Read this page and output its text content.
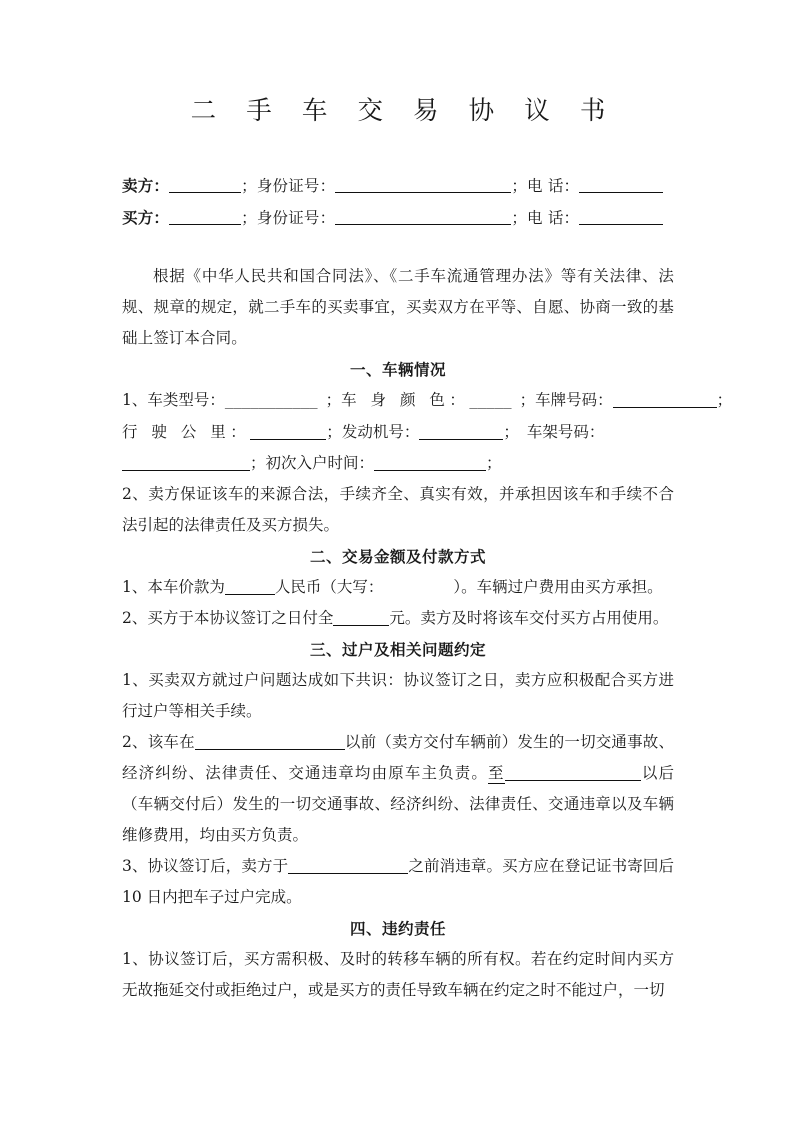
二 手 车 交 易 协 议 书
卖方：	；身份证号：	；电 话：
买方：	；身份证号：	；电 话：

根据《中华人民共和国合同法》、《二手车流通管理办法》等有关法律、法规、规章的规定，就二手车的买卖事宜，买卖双方在平等、自愿、协商一致的基础上签订本合同。

一、车辆情况
1、车类型号：___________ ；车 身 颜 色：_____ ；车牌号码：	；
行 驶 公 里：	；发动机号：	； 车架号码：
；初次入户时间：	；

2、卖方保证该车的来源合法，手续齐全、真实有效，并承担因该车和手续不合法引起的法律责任及买方损失。

二、交易金额及付款方式
1、本车价款为	人民币（大写：	）。车辆过户费用由买方承担。
2、买方于本协议签订之日付全	元。卖方及时将该车交付买方占用使用。
三、过户及相关问题约定

1、买卖双方就过户问题达成如下共识：协议签订之日，卖方应积极配合买方进行过户等相关手续。

2、该车在	以前（卖方交付车辆前）发生的一切交通事故、经济纠纷、法律责任、交通违章均由原车主负责。至	以后（车辆交付后）发生的一切交通事故、经济纠纷、法律责任、交通违章以及车辆维修费用，均由买方负责。

3、协议签订后，卖方于	之前消违章。买方应在登记证书寄回后 10 日内把车子过户完成。

四、违约责任

1、协议签订后，买方需积极、及时的转移车辆的所有权。若在约定时间内买方无故拖延交付或拒绝过户，或是买方的责任导致车辆在约定之时不能过户，一切
